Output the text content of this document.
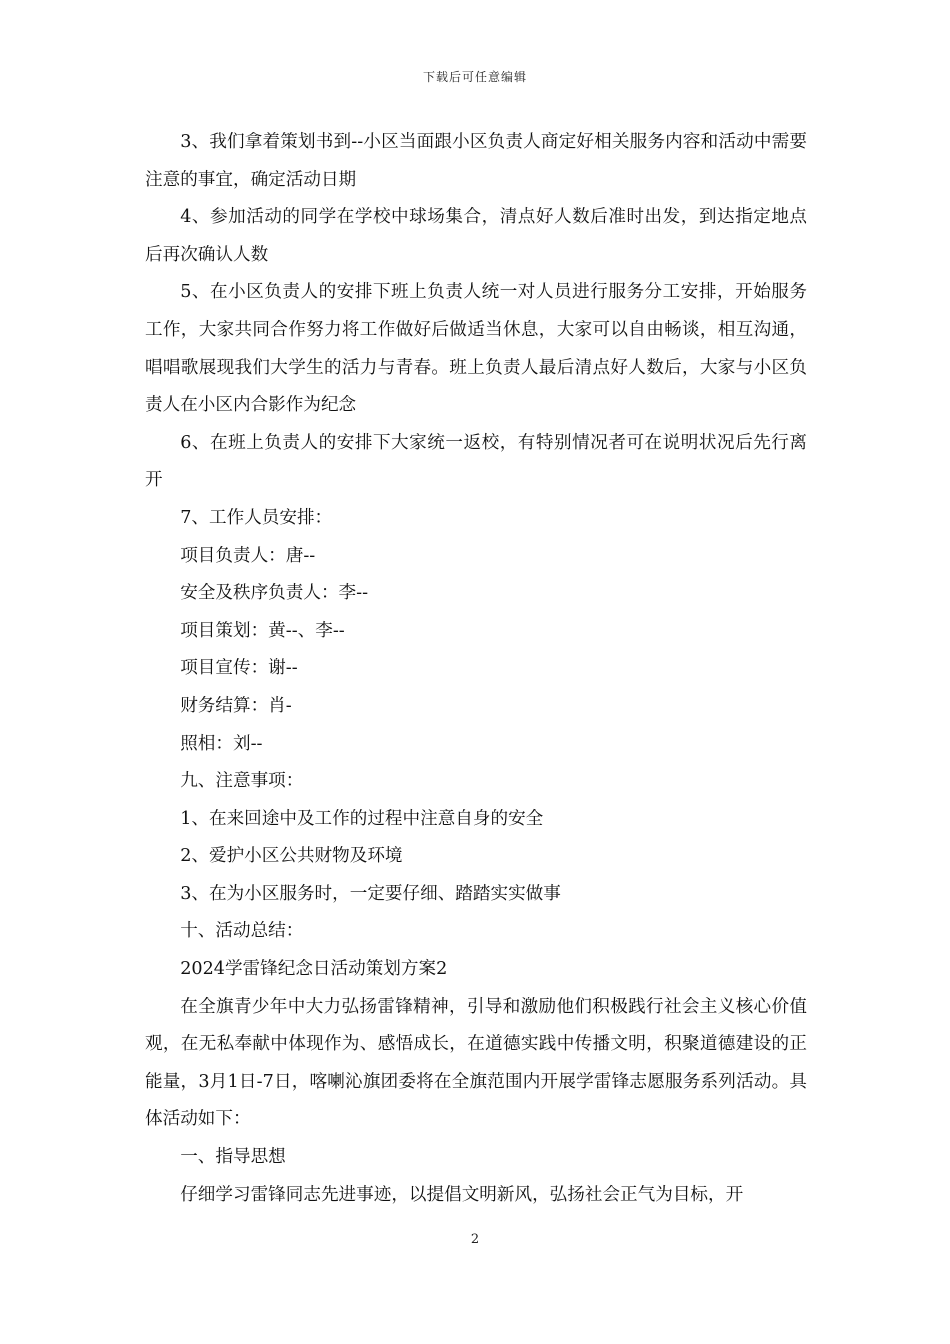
下载后可任意编辑

3、我们拿着策划书到--小区当面跟小区负责人商定好相关服务内容和活动中需要注意的事宜，确定活动日期

4、参加活动的同学在学校中球场集合，清点好人数后准时出发，到达指定地点后再次确认人数

5、在小区负责人的安排下班上负责人统一对人员进行服务分工安排，开始服务工作，大家共同合作努力将工作做好后做适当休息，大家可以自由畅谈，相互沟通，唱唱歌展现我们大学生的活力与青春。班上负责人最后清点好人数后，大家与小区负责人在小区内合影作为纪念

6、在班上负责人的安排下大家统一返校，有特别情况者可在说明状况后先行离开

7、工作人员安排：

项目负责人：唐--

安全及秩序负责人：李--

项目策划：黄--、李--

项目宣传：谢--

财务结算：肖-

照相：刘--

九、注意事项：

1、在来回途中及工作的过程中注意自身的安全

2、爱护小区公共财物及环境

3、在为小区服务时，一定要仔细、踏踏实实做事

十、活动总结：

2024学雷锋纪念日活动策划方案2

在全旗青少年中大力弘扬雷锋精神，引导和激励他们积极践行社会主义核心价值观，在无私奉献中体现作为、感悟成长，在道德实践中传播文明，积聚道德建设的正能量，3月1日-7日，喀喇沁旗团委将在全旗范围内开展学雷锋志愿服务系列活动。具体活动如下：

一、指导思想

仔细学习雷锋同志先进事迹，以提倡文明新风，弘扬社会正气为目标，开

2
